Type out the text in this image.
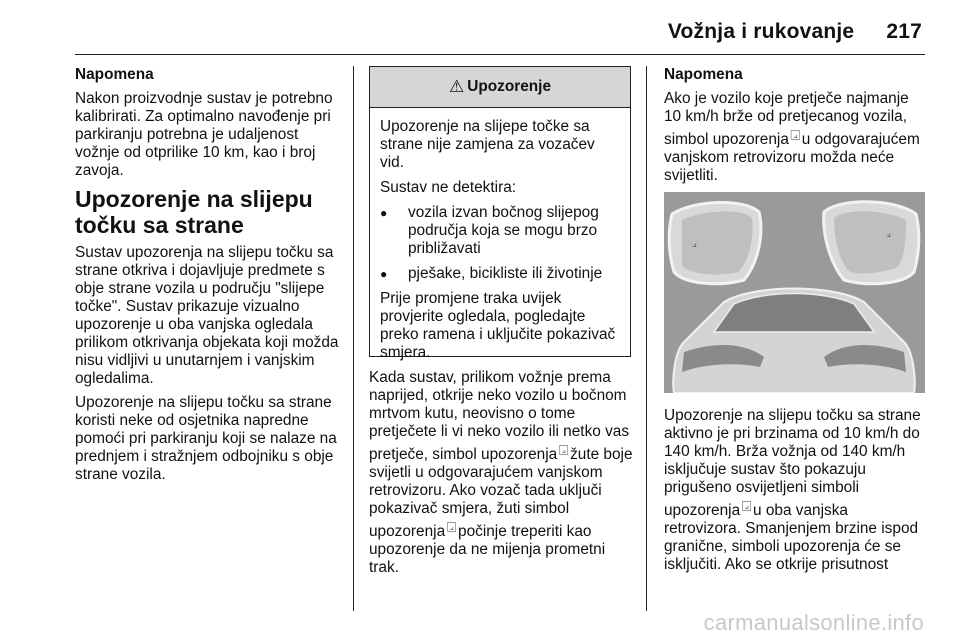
Vožnja i rukovanje 217

Napomena

Nakon proizvodnje sustav je potrebno kalibrirati. Za optimalno navođenje pri parkiranju potrebna je udaljenost vožnje od otprilike 10 km, kao i broj zavoja.

Upozorenje na slijepu točku sa strane

Sustav upozorenja na slijepu točku sa strane otkriva i dojavljuje predmete s obje strane vozila u području "slijepe točke". Sustav prikazuje vizualno upozorenje u oba vanjska ogledala prilikom otkrivanja objekata koji možda nisu vidljivi u unutarnjem i vanjskim ogledalima.

Upozorenje na slijepu točku sa strane koristi neke od osjetnika napredne pomoći pri parkiranju koji se nalaze na prednjem i stražnjem odbojniku s obje strane vozila.

⚠ Upozorenje

Upozorenje na slijepe točke sa strane nije zamjena za vozačev vid.

Sustav ne detektira:

● vozila izvan bočnog slijepog područja koja se mogu brzo približavati
● pješake, bicikliste ili životinje

Prije promjene traka uvijek provjerite ogledala, pogledajte preko ramena i uključite pokazivač smjera.

Kada sustav, prilikom vožnje prema naprijed, otkrije neko vozilo u bočnom mrtvom kutu, neovisno o tome pretječete li vi neko vozilo ili netko vas pretječe, simbol upozorenja ⟓⃞ žute boje svijetli u odgovarajućem vanjskom retrovizoru. Ako vozač tada uključi pokazivač smjera, žuti simbol upozorenja ⟓⃞ počinje treperiti kao upozorenje da ne mijenja prometni trak.

Napomena

Ako je vozilo koje pretječe najmanje 10 km/h brže od pretjecanog vozila, simbol upozorenja ⟓⃞ u odgovarajućem vanjskom retrovizoru možda neće svijetliti.

⟓
⟓

Upozorenje na slijepu točku sa strane aktivno je pri brzinama od 10 km/h do 140 km/h. Brža vožnja od 140 km/h isključuje sustav što pokazuju prigušeno osvijetljeni simboli upozorenja ⟓⃞ u oba vanjska retrovizora. Smanjenjem brzine ispod granične, simboli upozorenja će se isključiti. Ako se otkrije prisutnost

carmanualsonline.info
